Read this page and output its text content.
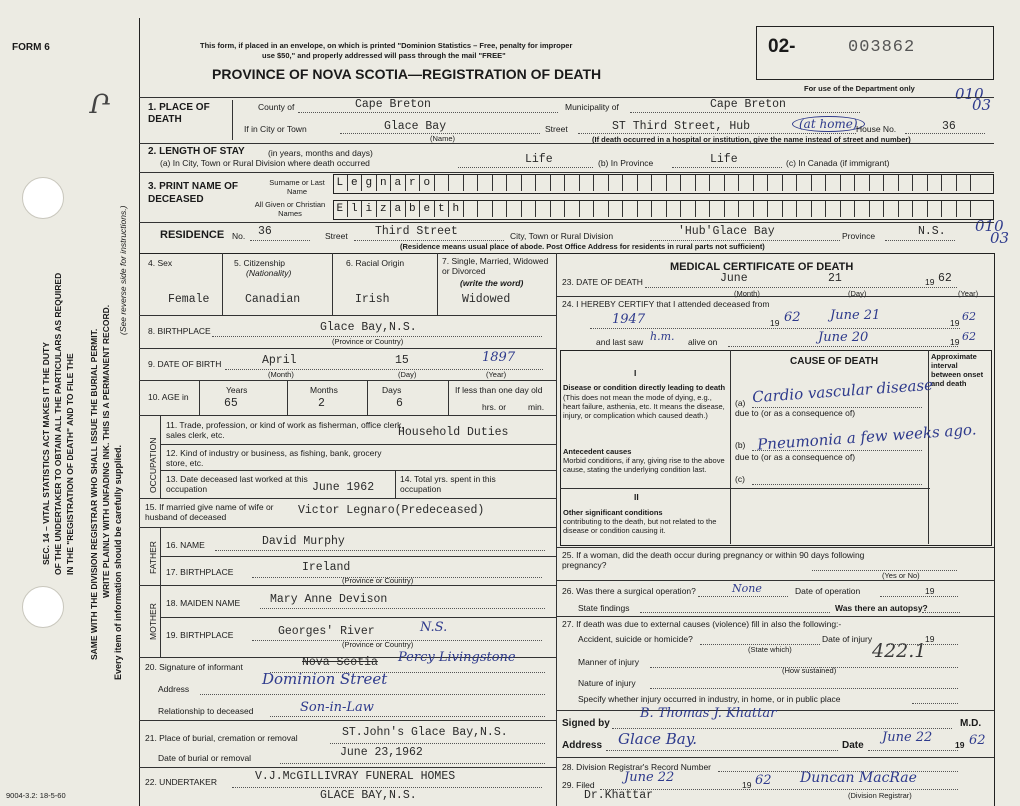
FORM 6
SEC. 14 – VITAL STATISTICS ACT MAKES IT THE DUTY OF THE UNDERTAKER TO OBTAIN ALL THE PARTICULARS AS REQUIRED IN THE "REGISTRATION OF DEATH" AND TO FILE THE SAME WITH THE DIVISION REGISTRAR WHO SHALL ISSUE THE BURIAL PERMIT. WRITE PLAINLY WITH UNFADING INK. THIS IS A PERMANENT RECORD. Every item of information should be carefully supplied.
(See reverse side for instructions.)
9004-3.2: 18-5-60
This form, if placed in an envelope, on which is printed "Dominion Statistics – Free, penalty for improper
use $50," and properly addressed will pass through the mail "FREE"
PROVINCE OF NOVA SCOTIA—REGISTRATION OF DEATH
02-	003862
For use of the Department only	010
03
010
03
Ր	1. PLACE OF DEATH
County of	Cape Breton	Municipality of	Cape Breton
If in City or Town	Glace Bay
(Name)
Street	ST Third Street, Hub	(at home)
House No.	36
(If death occurred in a hospital or institution, give the name instead of street and number)
2. LENGTH OF STAY	(in years, months and days)
(a) In City, Town or Rural Division where death occurred	Life	(b) In Province	Life	(c) In Canada (if immigrant)
3. PRINT NAME OF DECEASED
Surname or Last Name
All Given or Christian Names
L e g n a r o
E l i z a b e t h
RESIDENCE No. 36	Street Third Street	City, Town or Rural Division	'Hub'Glace Bay	Province	N.S.
(Residence means usual place of abode. Post Office Address for residents in rural parts not sufficient)
4. Sex
Female
5. Citizenship
(Nationality)
Canadian
6. Racial Origin
Irish
7. Single, Married, Widowed or Divorced
(write the word)
Widowed
8. BIRTHPLACE	Glace Bay,N.S.
(Province or Country)
9. DATE OF BIRTH	April	15	1897
(Month)	(Day)	(Year)
10. AGE in
Years
65
Months
2
Days
6
If less than one day old
hrs. or	min.
OCCUPATION
11. Trade, profession, or kind of work as fisherman, office clerk, sales clerk, etc.	Household Duties
12. Kind of industry or business, as fishing, bank, grocery store, etc.
13. Date deceased last worked at this occupation	June 1962
14. Total yrs. spent in this occupation
15. If married give name of wife or husband of deceased	Victor Legnaro(Predeceased)
FATHER 16. NAME	David Murphy
17. BIRTHPLACE	Ireland
(Province or Country)
MOTHER
18. MAIDEN NAME	Mary Anne Devison
19. BIRTHPLACE	Georges' River	N.S.
(Province or Country)
20. Signature of informant	Nova Scotia Percy Livingstone
Address
Dominion Street
Relationship to deceased	Son-in-Law
21. Place of burial, cremation or removal	ST.John's Glace Bay,N.S.
Date of burial or removal	June 23,1962
22. UNDERTAKER	V.J.McGILLIVRAY FUNERAL HOMES
GLACE BAY,N.S.
MEDICAL CERTIFICATE OF DEATH
23. DATE OF DEATH	June	21	19 62
(Month)	(Day)	(Year)
24. I HEREBY CERTIFY that I attended deceased from
1947	19 62 June 21	19 62
and last saw h.m. alive on	June 20	19 62
CAUSE OF DEATH	Approximate interval between onset and death
I
Disease or condition directly leading to death
(This does not mean the mode of dying, e.g., heart failure, asthenia, etc. It means the disease, injury, or complication which caused death.)
(a) Cardio vascular disease
due to (or as a consequence of)
(b) Pneumonia a few weeks ago.
Antecedent causes
Morbid conditions, if any, giving rise to the above cause, stating the underlying condition last.
due to (or as a consequence of)
(c)
II
Other significant conditions
contributing to the death, but not related to the disease or condition causing it.
25. If a woman, did the death occur during pregnancy or within 90 days following pregnancy?
(Yes or No)
26. Was there a surgical operation?	None	Date of operation	19
State findings	Was there an autopsy?
27. If death was due to external causes (violence) fill in also the following:-
Accident, suicide or homicide?	Date of injury	19
(State which)	422.1
Manner of injury
(How sustained)
Nature of injury
Specify whether injury occurred in industry, in home, or in public place
Signed by
B. Thomas J. Khattar
M.D.
Address Glace Bay.	Date
June 22	19 62
28. Division Registrar's Record Number
29. Filed June 22	19 62 Duncan MacRae
(Division Registrar)
Dr.Khattar
